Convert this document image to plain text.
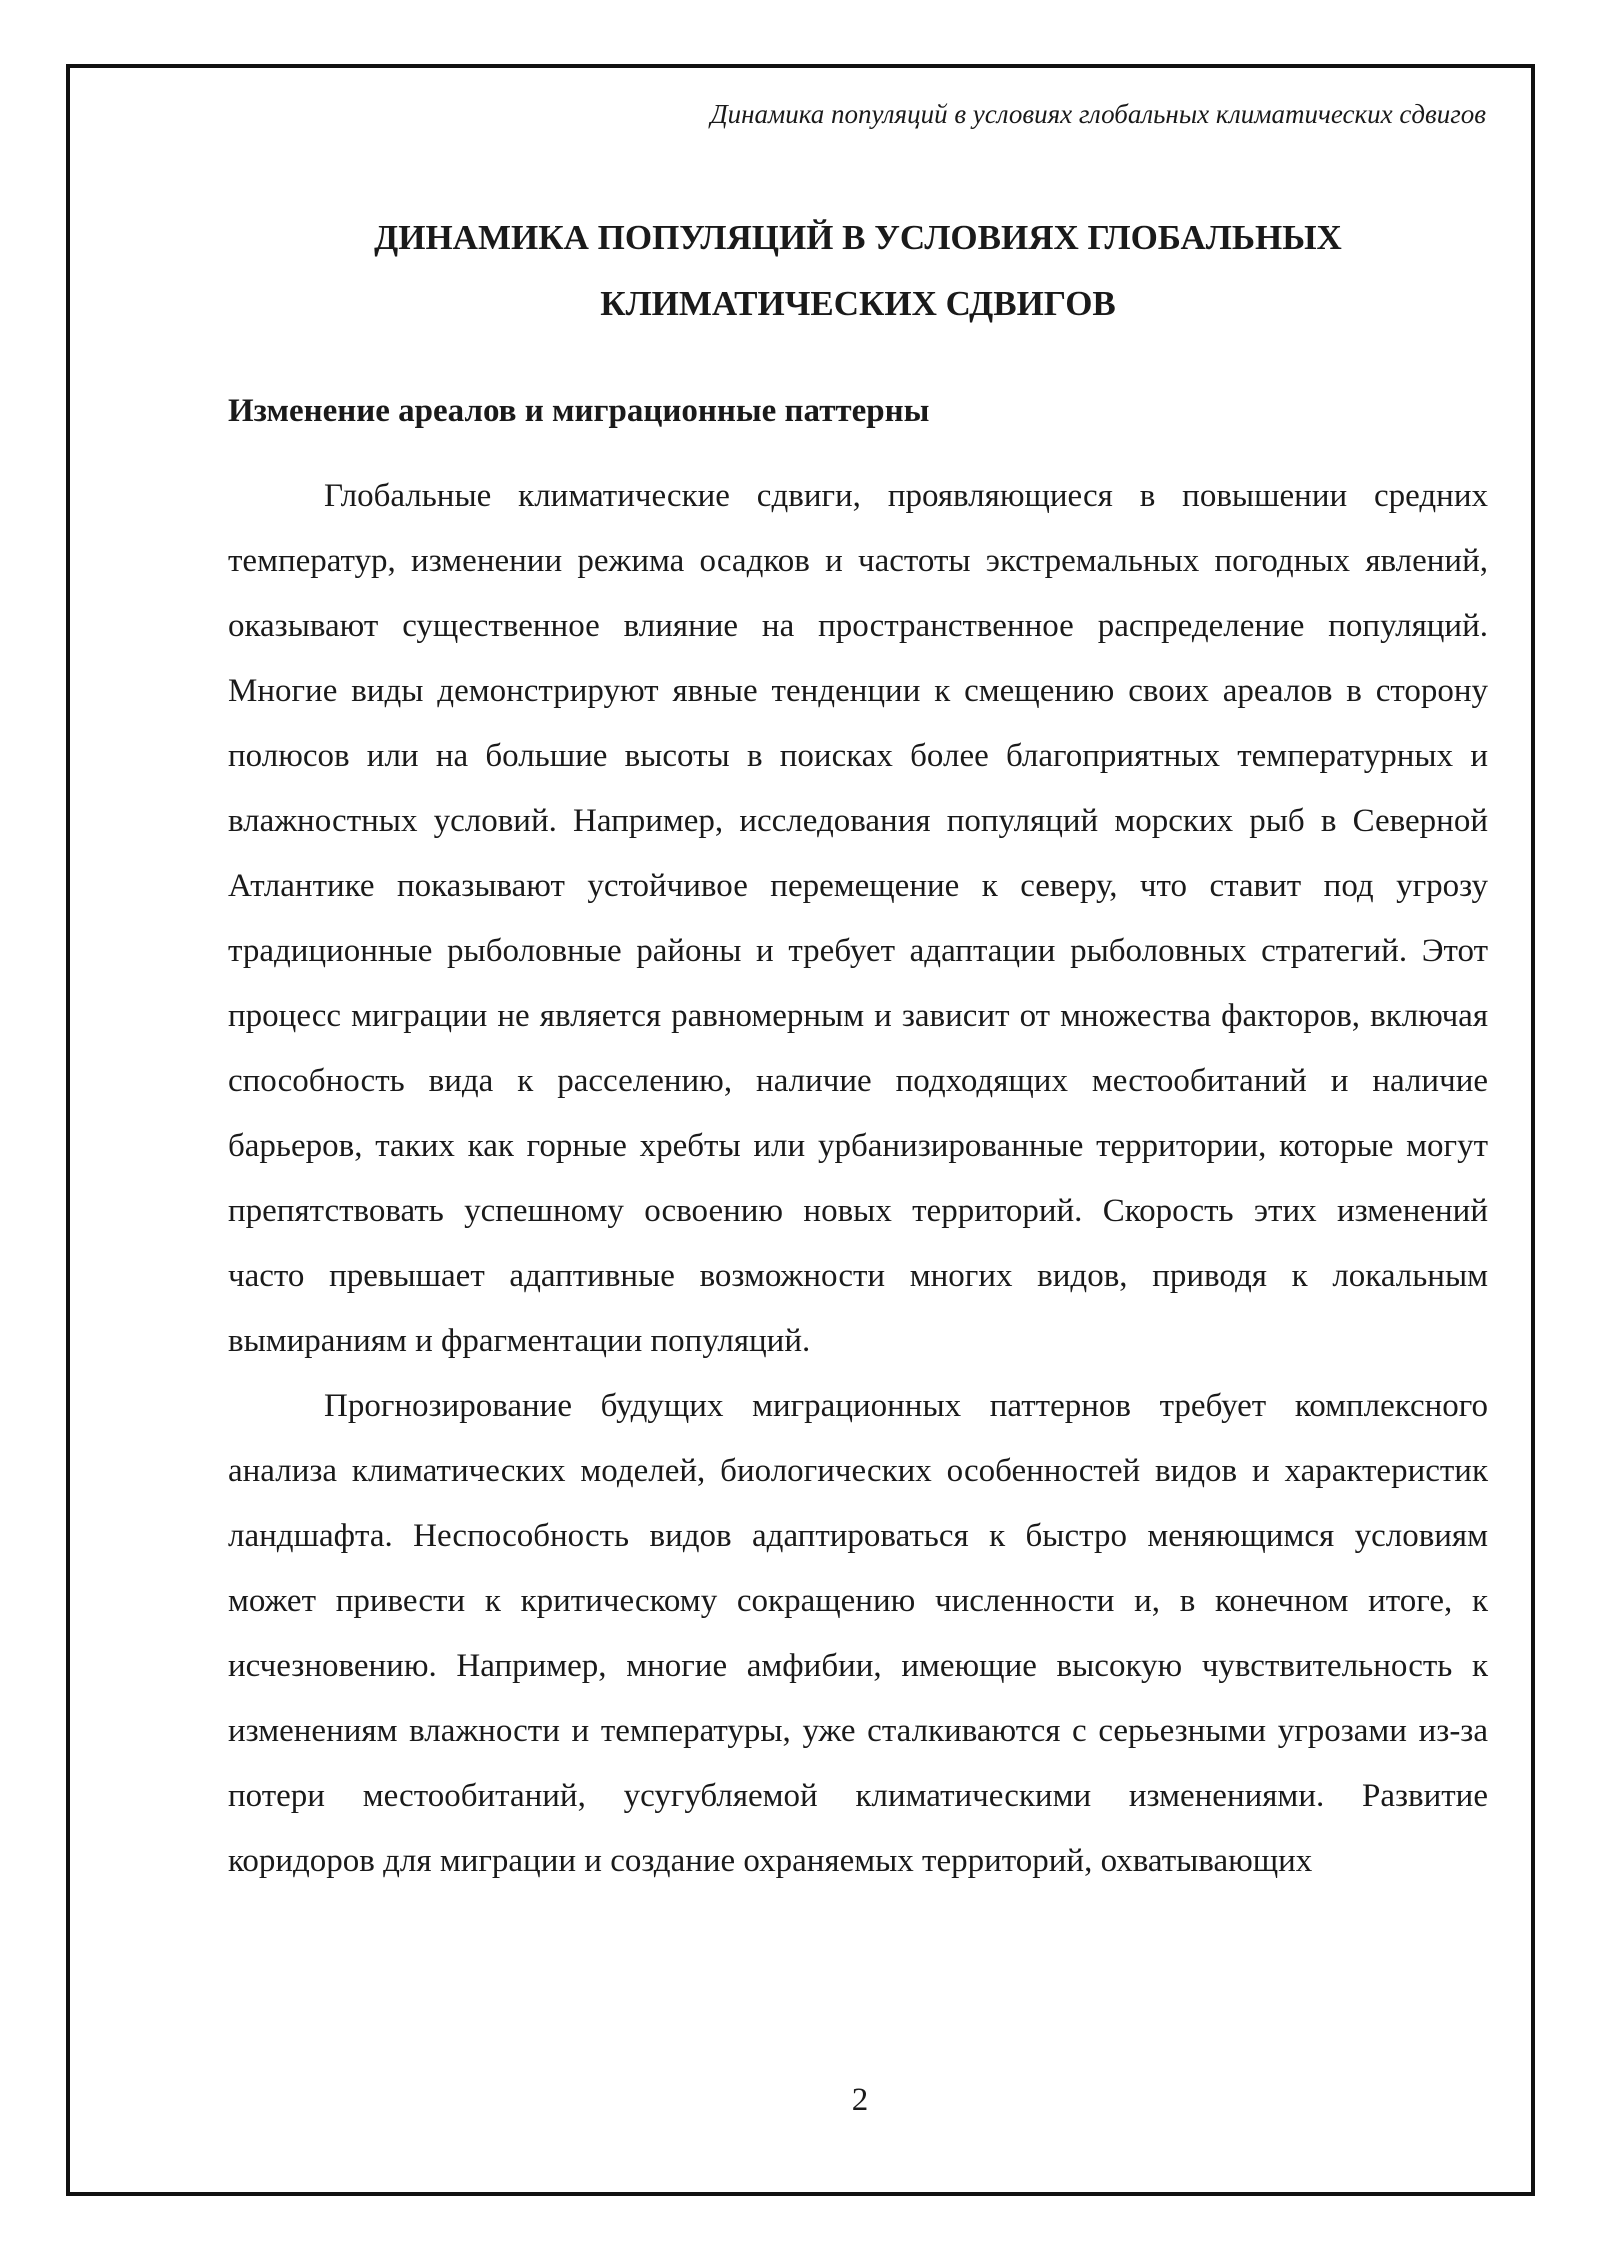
Динамика популяций в условиях глобальных климатических сдвигов
ДИНАМИКА ПОПУЛЯЦИЙ В УСЛОВИЯХ ГЛОБАЛЬНЫХ
КЛИМАТИЧЕСКИХ СДВИГОВ
Изменение ареалов и миграционные паттерны

Глобальные климатические сдвиги, проявляющиеся в повышении средних температур, изменении режима осадков и частоты экстремальных погодных явлений, оказывают существенное влияние на пространственное распределение популяций. Многие виды демонстрируют явные тенденции к смещению своих ареалов в сторону полюсов или на большие высоты в поисках более благоприятных температурных и влажностных условий. Например, исследования популяций морских рыб в Северной Атлантике показывают устойчивое перемещение к северу, что ставит под угрозу традиционные рыболовные районы и требует адаптации рыболовных стратегий. Этот процесс миграции не является равномерным и зависит от множества факторов, включая способность вида к расселению, наличие подходящих местообитаний и наличие барьеров, таких как горные хребты или урбанизированные территории, которые могут препятствовать успешному освоению новых территорий. Скорость этих изменений часто превышает адаптивные возможности многих видов, приводя к локальным вымираниям и фрагментации популяций.

Прогнозирование будущих миграционных паттернов требует комплексного анализа климатических моделей, биологических особенностей видов и характеристик ландшафта. Неспособность видов адаптироваться к быстро меняющимся условиям может привести к критическому сокращению численности и, в конечном итоге, к исчезновению. Например, многие амфибии, имеющие высокую чувствительность к изменениям влажности и температуры, уже сталкиваются с серьезными угрозами из-за потери местообитаний, усугубляемой климатическими изменениями. Развитие коридоров для миграции и создание охраняемых территорий, охватывающих

2
